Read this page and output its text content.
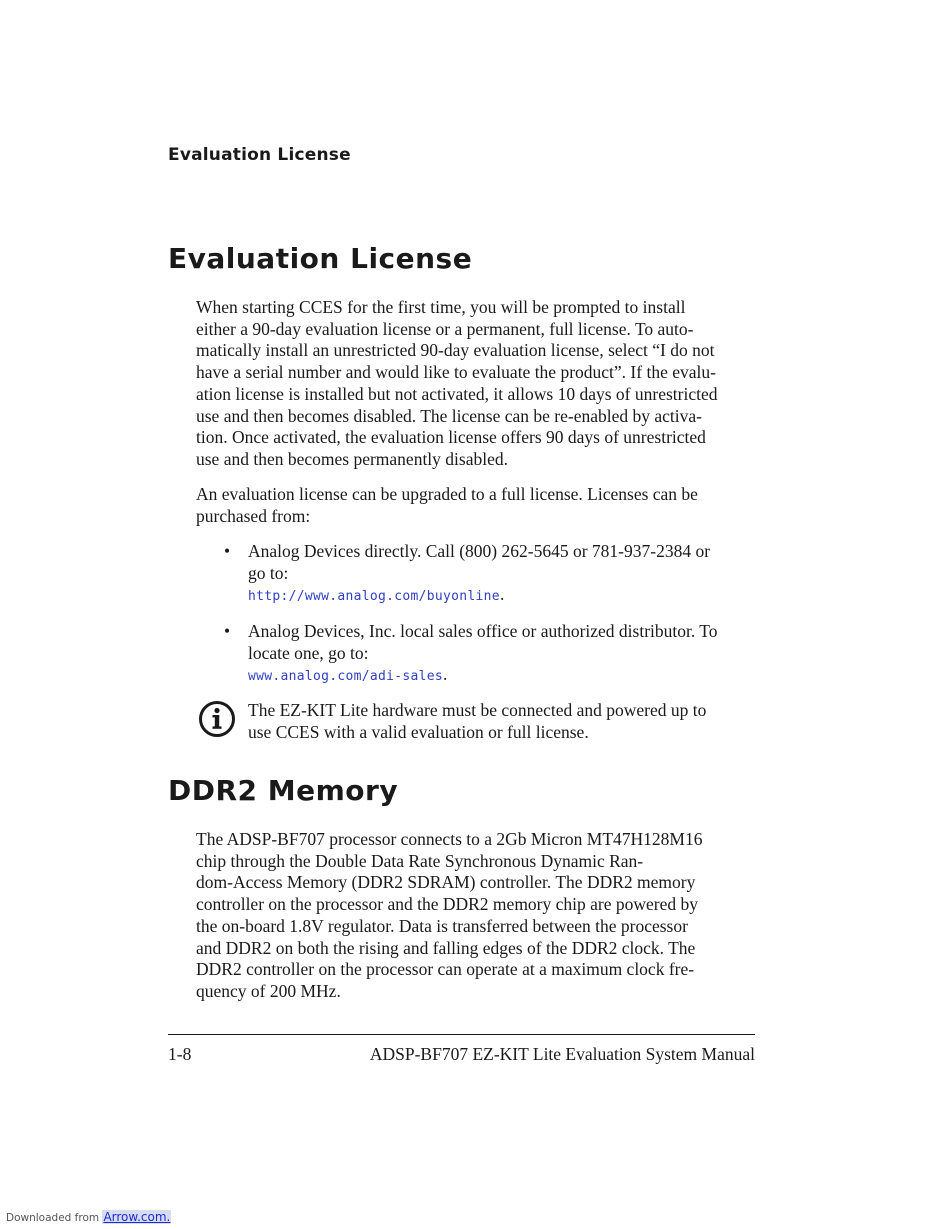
Evaluation License
Evaluation License

When starting CCES for the first time, you will be prompted to install
either a 90-day evaluation license or a permanent, full license. To auto-
matically install an unrestricted 90-day evaluation license, select “I do not
have a serial number and would like to evaluate the product”. If the evalu-
ation license is installed but not activated, it allows 10 days of unrestricted
use and then becomes disabled. The license can be re-enabled by activa-
tion. Once activated, the evaluation license offers 90 days of unrestricted
use and then becomes permanently disabled.

An evaluation license can be upgraded to a full license. Licenses can be
purchased from:

• Analog Devices directly. Call (800) 262-5645 or 781-937-2384 or
go to:
http://www.analog.com/buyonline.
• Analog Devices, Inc. local sales office or authorized distributor. To
locate one, go to:
www.analog.com/adi-sales.
The EZ-KIT Lite hardware must be connected and powered up to
use CCES with a valid evaluation or full license.
DDR2 Memory

The ADSP-BF707 processor connects to a 2Gb Micron MT47H128M16
chip through the Double Data Rate Synchronous Dynamic Ran-
dom-Access Memory (DDR2 SDRAM) controller. The DDR2 memory
controller on the processor and the DDR2 memory chip are powered by
the on-board 1.8V regulator. Data is transferred between the processor
and DDR2 on both the rising and falling edges of the DDR2 clock. The
DDR2 controller on the processor can operate at a maximum clock fre-
quency of 200 MHz.

1-8	ADSP-BF707 EZ-KIT Lite Evaluation System Manual
Downloaded from Arrow.com.
